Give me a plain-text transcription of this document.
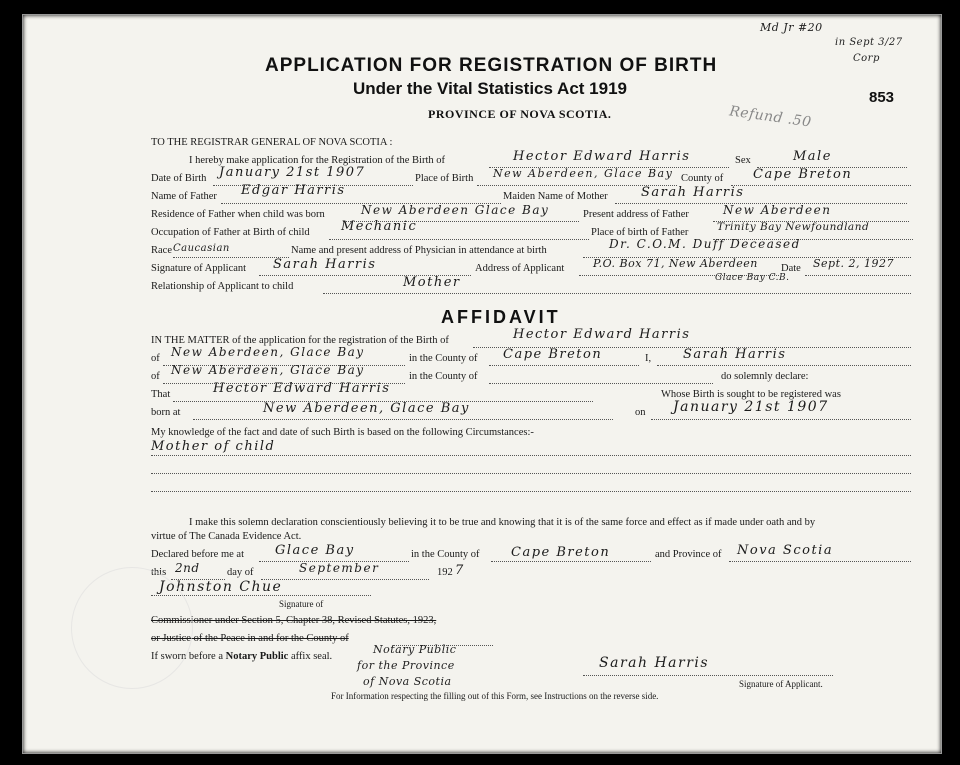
APPLICATION FOR REGISTRATION OF BIRTH
Under the Vital Statistics Act 1919
PROVINCE OF NOVA SCOTIA.
853
Md Jr #20
in Sept 3/27
Corp
Refund .50
TO THE REGISTRAR GENERAL OF NOVA SCOTIA :
I hereby make application for the Registration of the Birth of	Hector Edward Harris	Sex	Male
Date of Birth January 21st 1907	Place of Birth New Aberdeen, Glace Bay County of Cape Breton
Name of Father Edgar Harris	Maiden Name of Mother	Sarah Harris
Residence of Father when child was born	New Aberdeen Glace Bay	Present address of Father	New Aberdeen
Occupation of Father at Birth of child Mechanic	Place of birth of Father	Trinity Bay Newfoundland
Race Caucasian	Name and present address of Physician in attendance at birth	Dr. C.O.M. Duff Deceased
Signature of Applicant Sarah Harris	Address of Applicant	P.O. Box 71, New Aberdeen
Glace Bay C.B.
Date Sept. 2, 1927
Relationship of Applicant to child	Mother
AFFIDAVIT
IN THE MATTER of the application for the registration of the Birth of	Hector Edward Harris
of New Aberdeen, Glace Bay	in the County of Cape Breton	I, Sarah Harris
of New Aberdeen, Glace Bay	in the County of	do solemnly declare:
That	Hector Edward Harris	Whose Birth is sought to be registered was
born at	New Aberdeen, Glace Bay	on January 21st 1907
My knowledge of the fact and date of such Birth is based on the following Circumstances:-
Mother of child
I make this solemn declaration conscientiously believing it to be true and knowing that it is of the same force and effect as if made under oath and by
virtue of The Canada Evidence Act.
Declared before me at Glace Bay	in the County of Cape Breton	and Province of Nova Scotia
this 2nd	day of	September	192 7
Johnston Chue
Signature of
Commissioner under Section 5, Chapter 38, Revised Statutes, 1923,
or Justice of the Peace in and for the County of
If sworn before a Notary Public affix seal.
Notary Public
for the Province
of Nova Scotia
Sarah Harris
Signature of Applicant.
For Information respecting the filling out of this Form, see Instructions on the reverse side.
